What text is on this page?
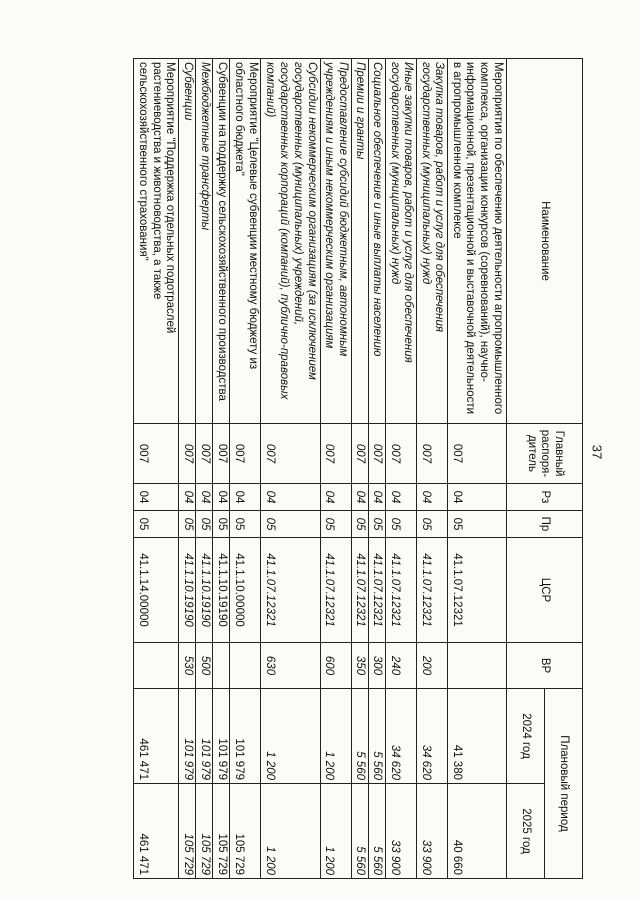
37
Наименование	Главный распоря-дитель	Рз	Пр	ЦСР	ВР	Плановый период	
						2024 год	2025 год
Мероприятия по обеспечению деятельности агропромышленного комплекса, организации конкурсов (соревнований), научно-информационной, презентационной и выставочной деятельности в агропромышленном комплексе	007	04	05	41.1.07.12321		41 380	40 660
Закупка товаров, работ и услуг для обеспечения государственных (муниципальных) нужд	007	04	05	41.1.07.12321	200	34 620	33 900
Иные закупки товаров, работ и услуг для обеспечения государственных (муниципальных) нужд	007	04	05	41.1.07.12321	240	34 620	33 900
Социальное обеспечение и иные выплаты населению	007	04	05	41.1.07.12321	300	5 560	5 560
Премии и гранты	007	04	05	41.1.07.12321	350	5 560	5 560
Предоставление субсидий бюджетным, автономным учреждениям и иным некоммерческим организациям	007	04	05	41.1.07.12321	600	1 200	1 200
Субсидии некоммерческим организациям (за исключением государственных (муниципальных) учреждений, государственных корпораций (компаний), публично-правовых компаний)	007	04	05	41.1.07.12321	630	1 200	1 200
Мероприятие "Целевые субвенции местному бюджету из областного бюджета"	007	04	05	41.1.10.00000		101 979	105 729
Субвенции на поддержку сельскохозяйственного производства	007	04	05	41.1.10.19190		101 979	105 729
Межбюджетные трансферты	007	04	05	41.1.10.19190	500	101 979	105 729
Субвенции	007	04	05	41.1.10.19190	530	101 979	105 729
Мероприятие "Поддержка отдельных подотраслей растениеводства и животноводства, а также сельскохозяйственного страхования"	007	04	05	41.1.14.00000		461 471	461 471
